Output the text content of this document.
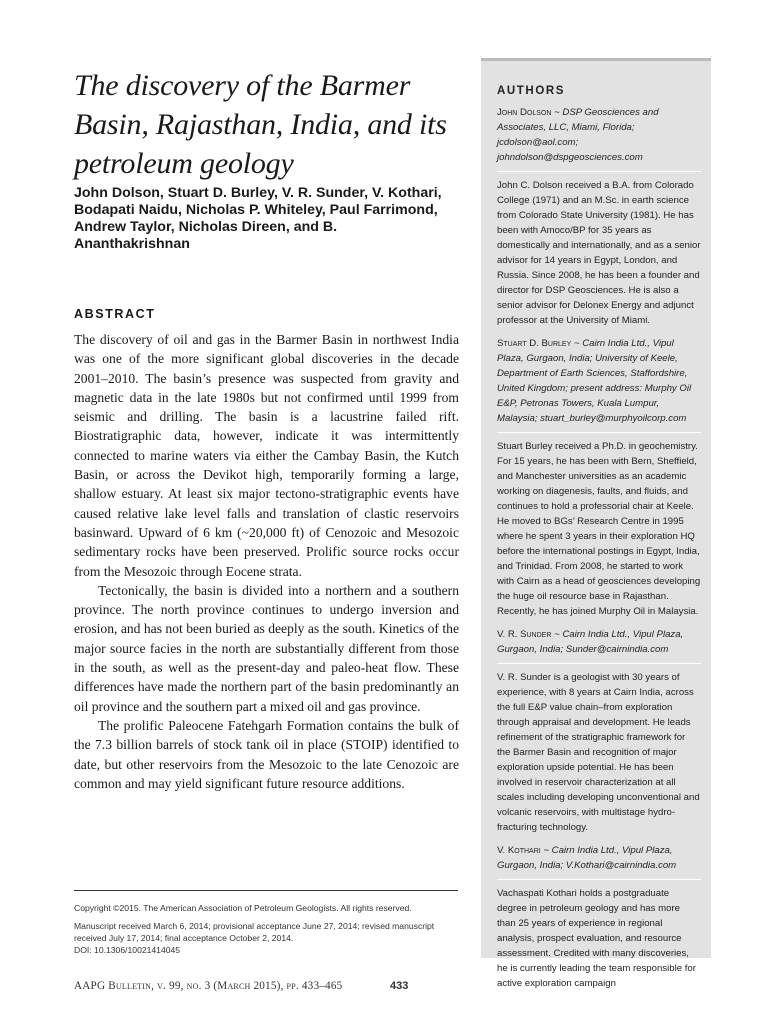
The discovery of the Barmer Basin, Rajasthan, India, and its petroleum geology

John Dolson, Stuart D. Burley, V. R. Sunder, V. Kothari, Bodapati Naidu, Nicholas P. Whiteley, Paul Farrimond, Andrew Taylor, Nicholas Direen, and B. Ananthakrishnan

ABSTRACT

The discovery of oil and gas in the Barmer Basin in northwest India was one of the more significant global discoveries in the decade 2001–2010. The basin’s presence was suspected from gravity and magnetic data in the late 1980s but not confirmed until 1999 from seismic and drilling. The basin is a lacustrine failed rift. Biostratigraphic data, however, indicate it was intermittently connected to marine waters via either the Cambay Basin, the Kutch Basin, or across the Devikot high, temporarily forming a large, shallow estuary. At least six major tectono-stratigraphic events have caused relative lake level falls and translation of clastic reservoirs basinward. Upward of 6 km (~20,000 ft) of Cenozoic and Mesozoic sedimentary rocks have been preserved. Prolific source rocks occur from the Mesozoic through Eocene strata.

Tectonically, the basin is divided into a northern and a southern province. The north province continues to undergo inversion and erosion, and has not been buried as deeply as the south. Kinetics of the major source facies in the north are substantially different from those in the south, as well as the present-day and paleo-heat flow. These differences have made the northern part of the basin predominantly an oil province and the southern part a mixed oil and gas province.

The prolific Paleocene Fatehgarh Formation contains the bulk of the 7.3 billion barrels of stock tank oil in place (STOIP) identified to date, but other reservoirs from the Mesozoic to the late Cenozoic are common and may yield significant future resource additions.

Copyright ©2015. The American Association of Petroleum Geologists. All rights reserved.

Manuscript received March 6, 2014; provisional acceptance June 27, 2014; revised manuscript received July 17, 2014; final acceptance October 2, 2014.
DOI: 10.1306/10021414045

AAPG Bulletin, v. 99, no. 3 (March 2015), pp. 433–465	433
AUTHORS

John Dolson ~ DSP Geosciences and Associates, LLC, Miami, Florida; jcdolson@aol.com; johndolson@dspgeosciences.com

John C. Dolson received a B.A. from Colorado College (1971) and an M.Sc. in earth science from Colorado State University (1981). He has been with Amoco/BP for 35 years as domestically and internationally, and as a senior advisor for 14 years in Egypt, London, and Russia. Since 2008, he has been a founder and director for DSP Geosciences. He is also a senior advisor for Delonex Energy and adjunct professor at the University of Miami.

Stuart D. Burley ~ Cairn India Ltd., Vipul Plaza, Gurgaon, India; University of Keele, Department of Earth Sciences, Staffordshire, United Kingdom; present address: Murphy Oil E&P, Petronas Towers, Kuala Lumpur, Malaysia; stuart_burley@murphyoilcorp.com

Stuart Burley received a Ph.D. in geochemistry. For 15 years, he has been with Bern, Sheffield, and Manchester universities as an academic working on diagenesis, faults, and fluids, and continues to hold a professorial chair at Keele. He moved to BGs’ Research Centre in 1995 where he spent 3 years in their exploration HQ before the international postings in Egypt, India, and Trinidad. From 2008, he started to work with Cairn as a head of geosciences developing the huge oil resource base in Rajasthan. Recently, he has joined Murphy Oil in Malaysia.

V. R. Sunder ~ Cairn India Ltd., Vipul Plaza, Gurgaon, India; Sunder@cairnindia.com

V. R. Sunder is a geologist with 30 years of experience, with 8 years at Cairn India, across the full E&P value chain–from exploration through appraisal and development. He leads refinement of the stratigraphic framework for the Barmer Basin and recognition of major exploration upside potential. He has been involved in reservoir characterization at all scales including developing unconventional and volcanic reservoirs, with multistage hydro-fracturing technology.

V. Kothari ~ Cairn India Ltd., Vipul Plaza, Gurgaon, India; V.Kothari@cairnindia.com

Vachaspati Kothari holds a postgraduate degree in petroleum geology and has more than 25 years of experience in regional analysis, prospect evaluation, and resource assessment. Credited with many discoveries, he is currently leading the team responsible for active exploration campaign
